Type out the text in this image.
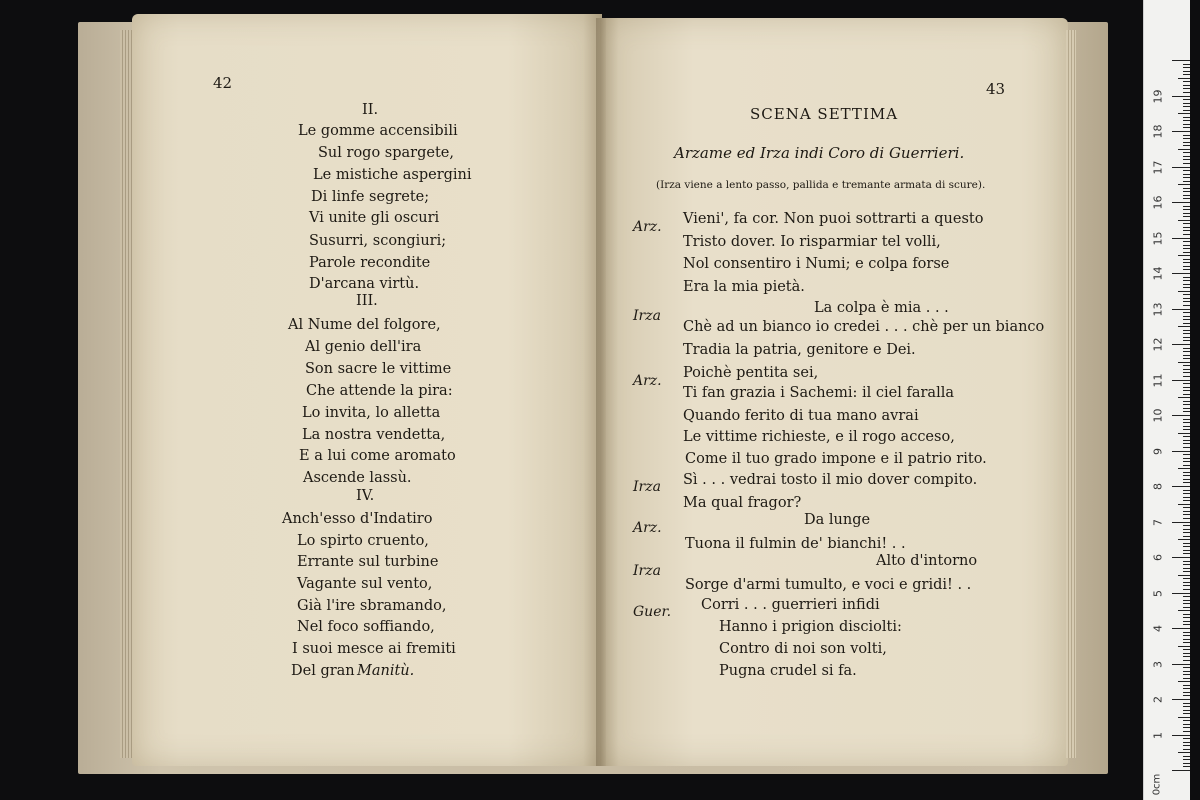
42
II.
Le gomme accensibili
Sul rogo spargete,
Le mistiche aspergini
Di linfe segrete;
Vi unite gli oscuri
Susurri, scongiuri;
Parole recondite
D'arcana virtù.
III.
Al Nume del folgore,
Al genio dell'ira
Son sacre le vittime
Che attende la pira:
Lo invita, lo alletta
La nostra vendetta,
E a lui come aromato
Ascende lassù.
IV.
Anch'esso d'Indatiro
Lo spirto cruento,
Errante sul turbine
Vagante sul vento,
Già l'ire sbramando,
Nel foco soffiando,
I suoi mesce ai fremiti
Del gran Manitù.
43
SCENA SETTIMA
Arzame ed Irza indi Coro di Guerrieri.
(Irza viene a lento passo, pallida e tremante armata di scure).
Arz.
Irza
Arz.
Irza
Arz.
Irza
Guer.
Vieni', fa cor. Non puoi sottrarti a questo
Tristo dover. Io risparmiar tel volli,
Nol consentiro i Numi; e colpa forse
Era la mia pietà.
La colpa è mia . . .
Chè ad un bianco io credei . . . chè per un bianco
Tradia la patria, genitore e Dei.
Poichè pentita sei,
Ti fan grazia i Sachemi: il ciel faralla
Quando ferito di tua mano avrai
Le vittime richieste, e il rogo acceso,
Come il tuo grado impone e il patrio rito.
Sì . . . vedrai tosto il mio dover compito.
Ma qual fragor?
Da lunge
Tuona il fulmin de' bianchi! . .
Alto d'intorno
Sorge d'armi tumulto, e voci e gridi! . .
Corri . . . guerrieri infidi
Hanno i prigion disciolti:
Contro di noi son volti,
Pugna crudel si fa.
0cm
1
2
3
4
5
6
7
8
9
10
11
12
13
14
15
16
17
18
19
